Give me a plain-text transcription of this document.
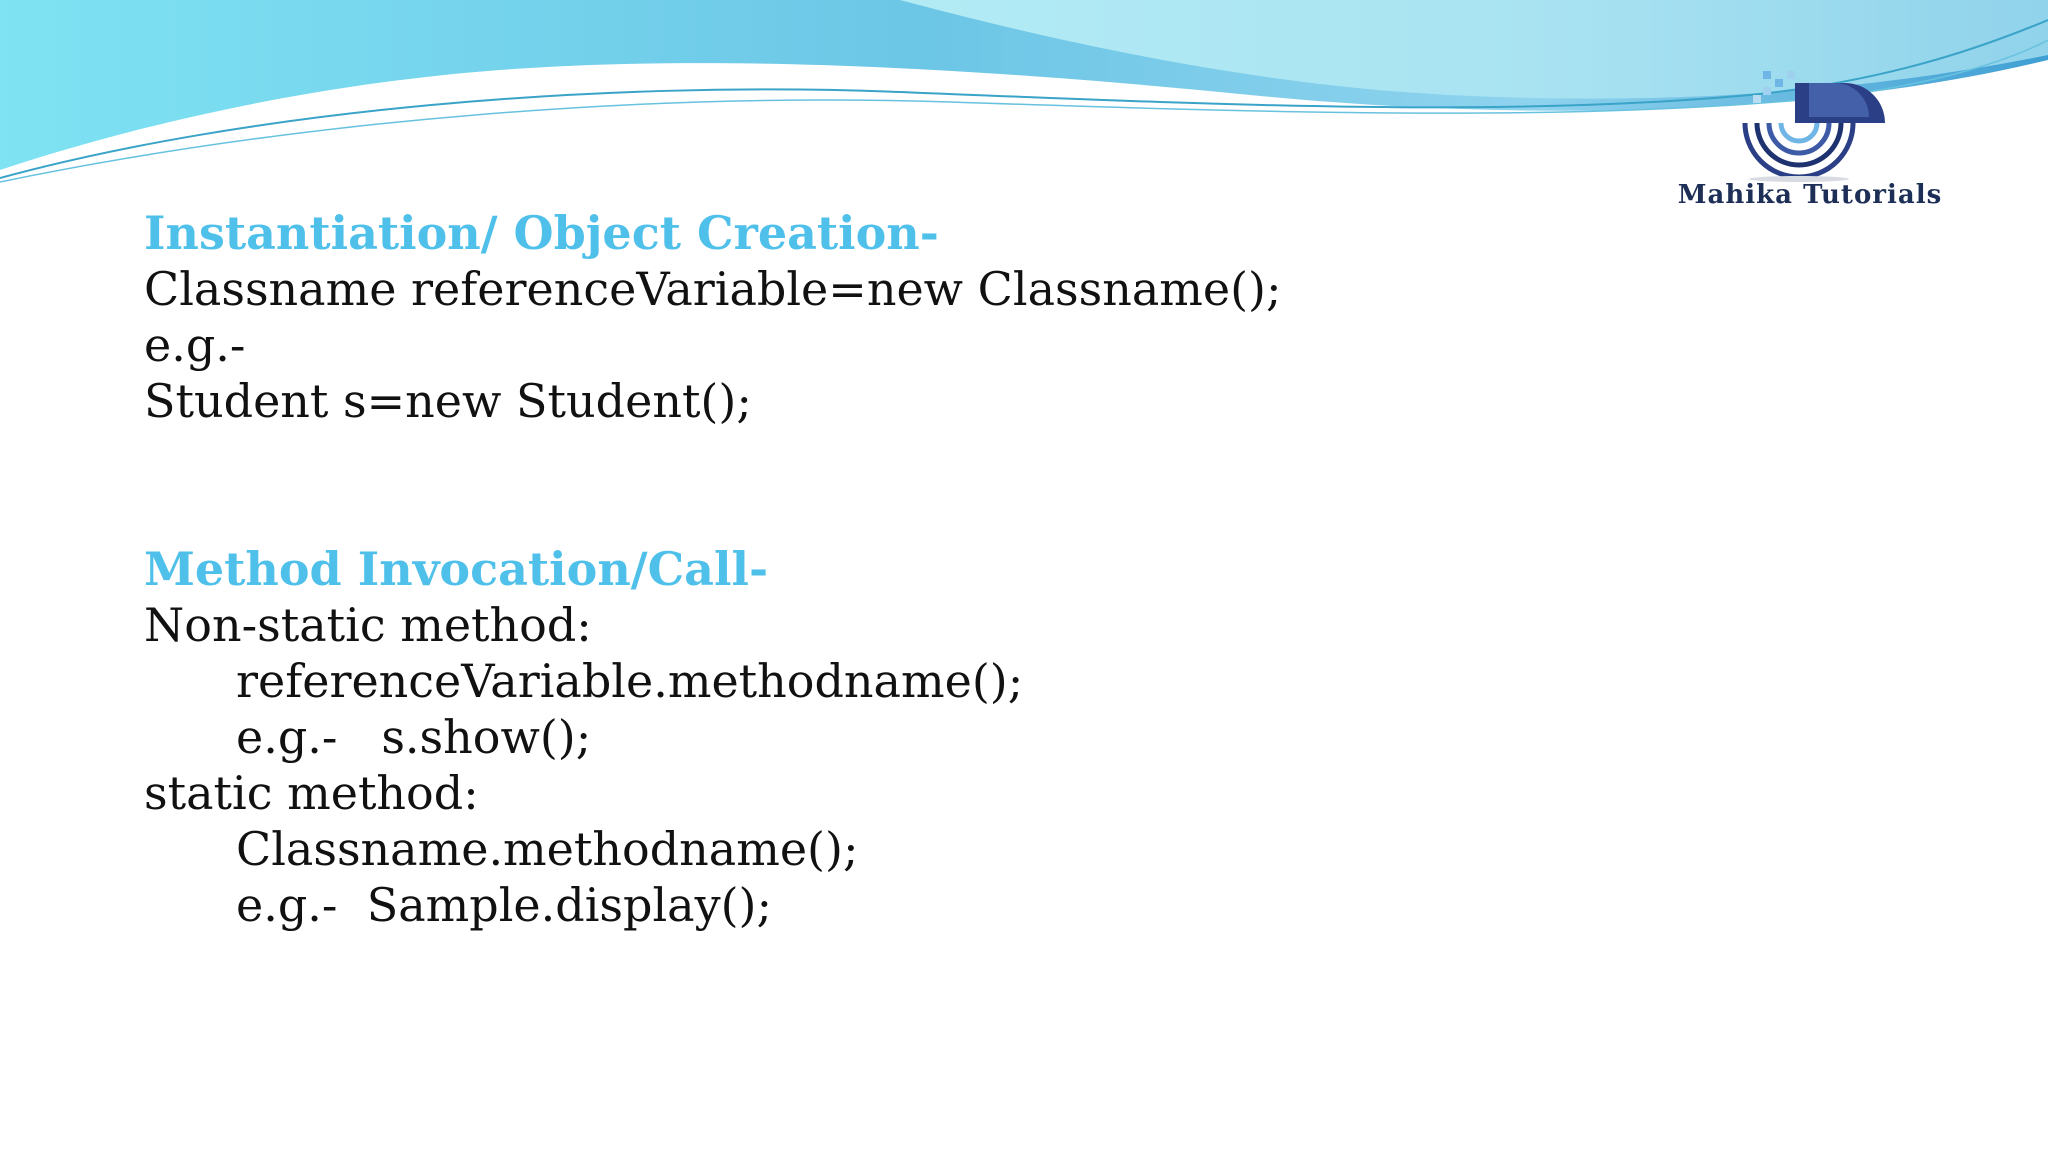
Mahika Tutorials
Instantiation/ Object Creation-
Classname referenceVariable=new Classname();
e.g.-
Student s=new Student();
Method Invocation/Call-
Non-static method:
referenceVariable.methodname();
e.g.-   s.show();
static method:
Classname.methodname();
e.g.-  Sample.display();
